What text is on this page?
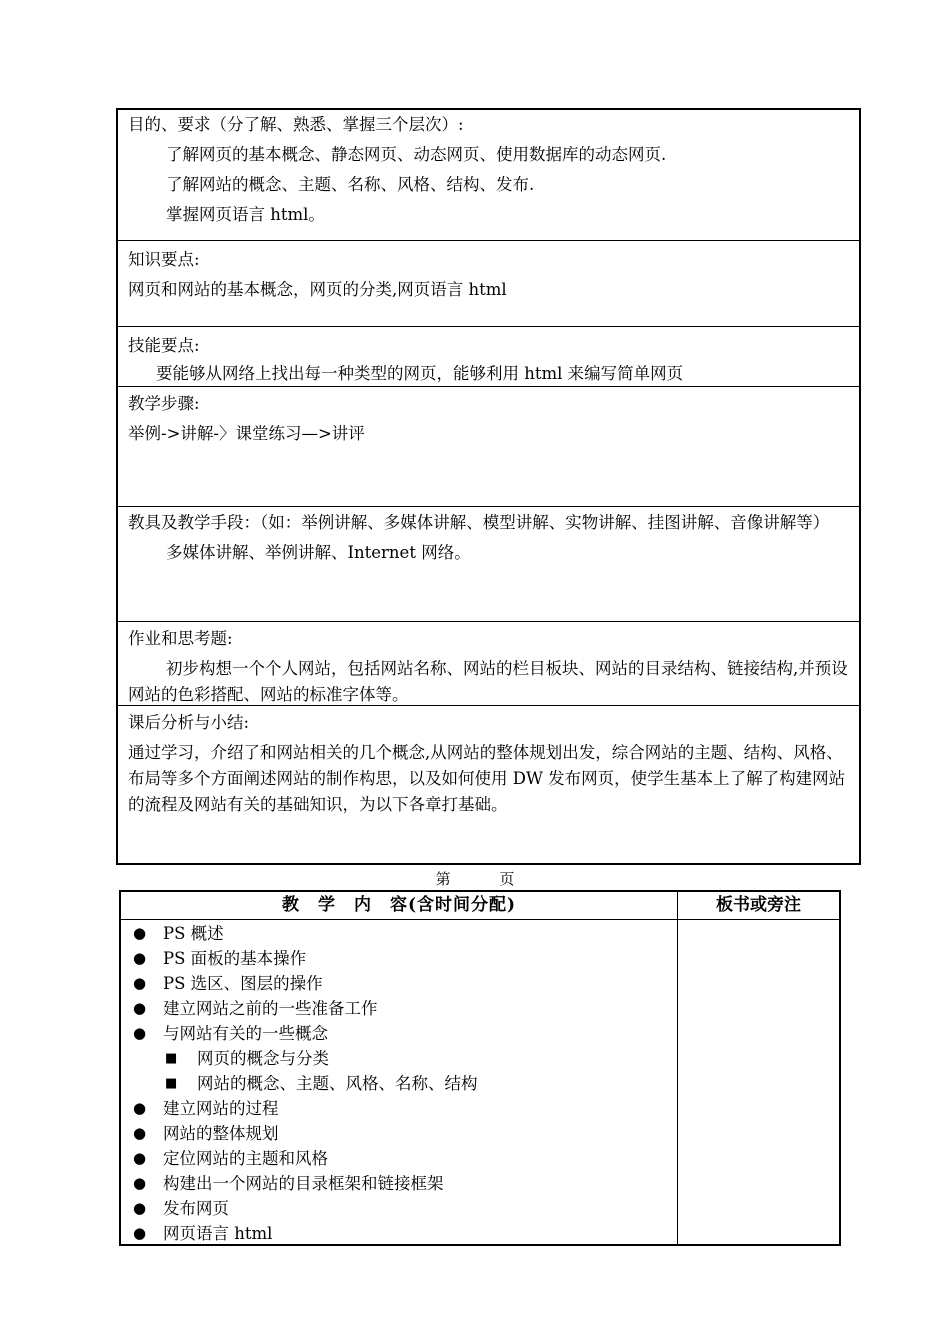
目的、要求（分了解、熟悉、掌握三个层次）:
了解网页的基本概念、静态网页、动态网页、使用数据库的动态网页.
了解网站的概念、主题、名称、风格、结构、发布.
掌握网页语言 html。
知识要点:
网页和网站的基本概念，网页的分类,网页语言 html
技能要点:
要能够从网络上找出每一种类型的网页，能够利用 html 来编写简单网页
教学步骤:
举例->讲解-〉课堂练习—>讲评
教具及教学手段：（如：举例讲解、多媒体讲解、模型讲解、实物讲解、挂图讲解、音像讲解等）
多媒体讲解、举例讲解、Internet 网络。
作业和思考题:
初步构想一个个人网站，包括网站名称、网站的栏目板块、网站的目录结构、链接结构,并预设网站的色彩搭配、网站的标准字体等。
课后分析与小结:
通过学习，介绍了和网站相关的几个概念,从网站的整体规划出发，综合网站的主题、结构、风格、布局等多个方面阐述网站的制作构思，以及如何使用 DW 发布网页，使学生基本上了解了构建网站的流程及网站有关的基础知识，为以下各章打基础。
第	页
教　学　内　容(含时间分配)	板书或旁注
● PS 概述
● PS 面板的基本操作
● PS 选区、图层的操作
● 建立网站之前的一些准备工作
● 与网站有关的一些概念
■ 网页的概念与分类
■ 网站的概念、主题、风格、名称、结构
● 建立网站的过程
● 网站的整体规划
● 定位网站的主题和风格
● 构建出一个网站的目录框架和链接框架
● 发布网页
● 网页语言 html
